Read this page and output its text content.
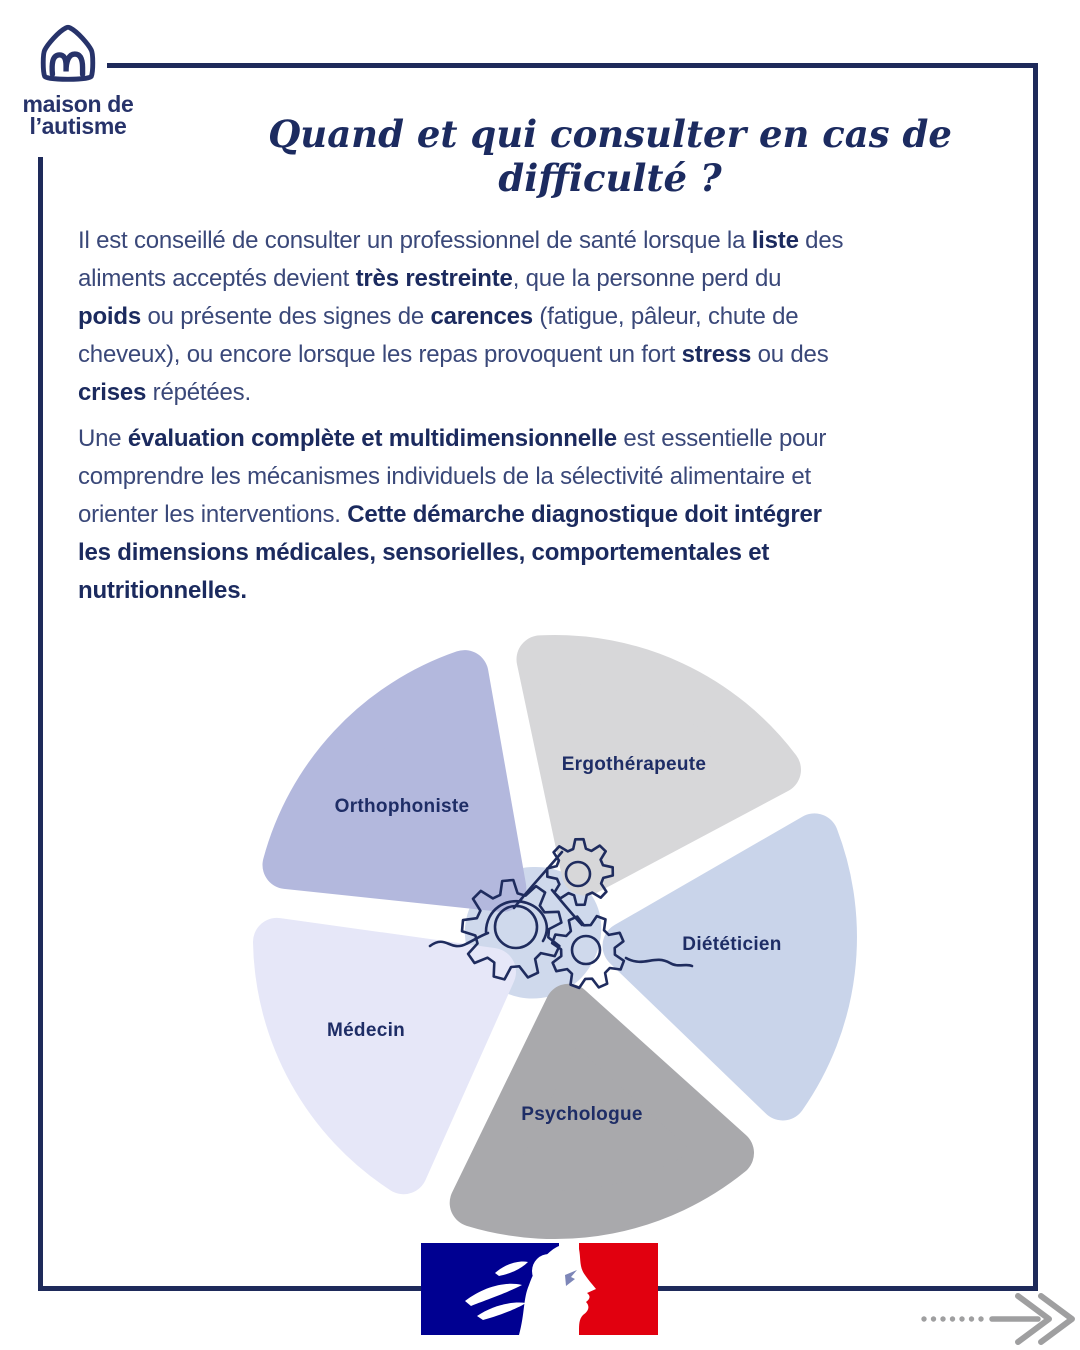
maison de
l’autisme	Quand et qui consulter en cas de difficulté ?
Il est conseillé de consulter un professionnel de santé lorsque la liste des
aliments acceptés devient très restreinte, que la personne perd du
poids ou présente des signes de carences (fatigue, pâleur, chute de
cheveux), ou encore lorsque les repas provoquent un fort stress ou des
crises répétées.
Une évaluation complète et multidimensionnelle est essentielle pour
comprendre les mécanismes individuels de la sélectivité alimentaire et
orienter les interventions. Cette démarche diagnostique doit intégrer
les dimensions médicales, sensorielles, comportementales et
nutritionnelles.
Ergothérapeute
Diététicien
Psychologue
Médecin
Orthophoniste
